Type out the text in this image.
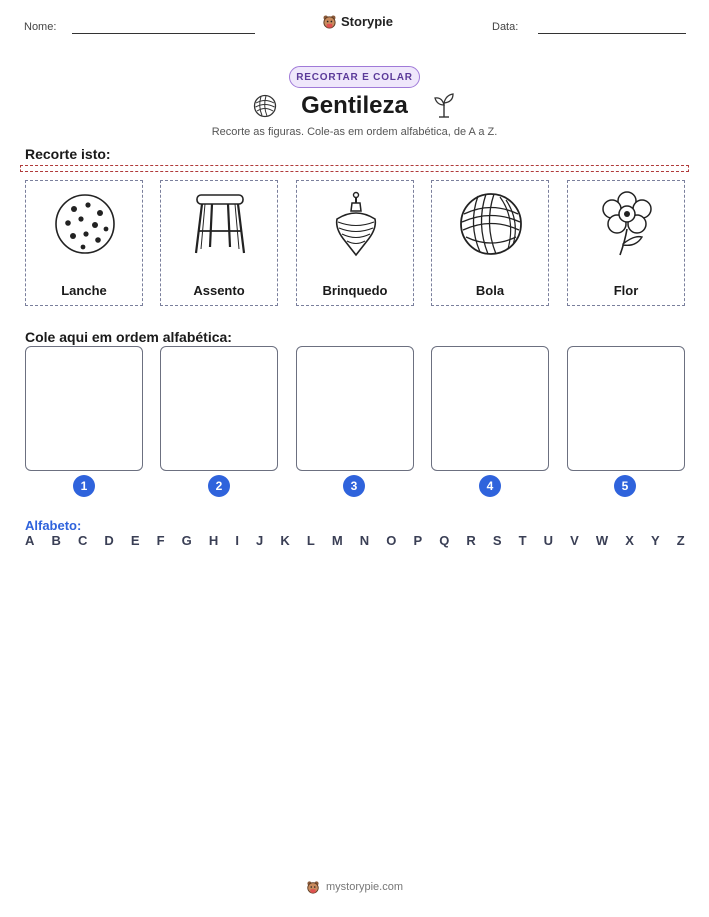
Nome:	Storypie	Data:
RECORTAR E COLAR
Gentileza
Recorte as figuras. Cole-as em ordem alfabética, de A a Z.
Recorte isto:
Lanche	Assento	Brinquedo	Bola	Flor
Cole aqui em ordem alfabética:
1	2	3	4	5
Alfabeto:
A B C D E F G H I J K L M N O P Q R S T U V W X Y Z
mystorypie.com
